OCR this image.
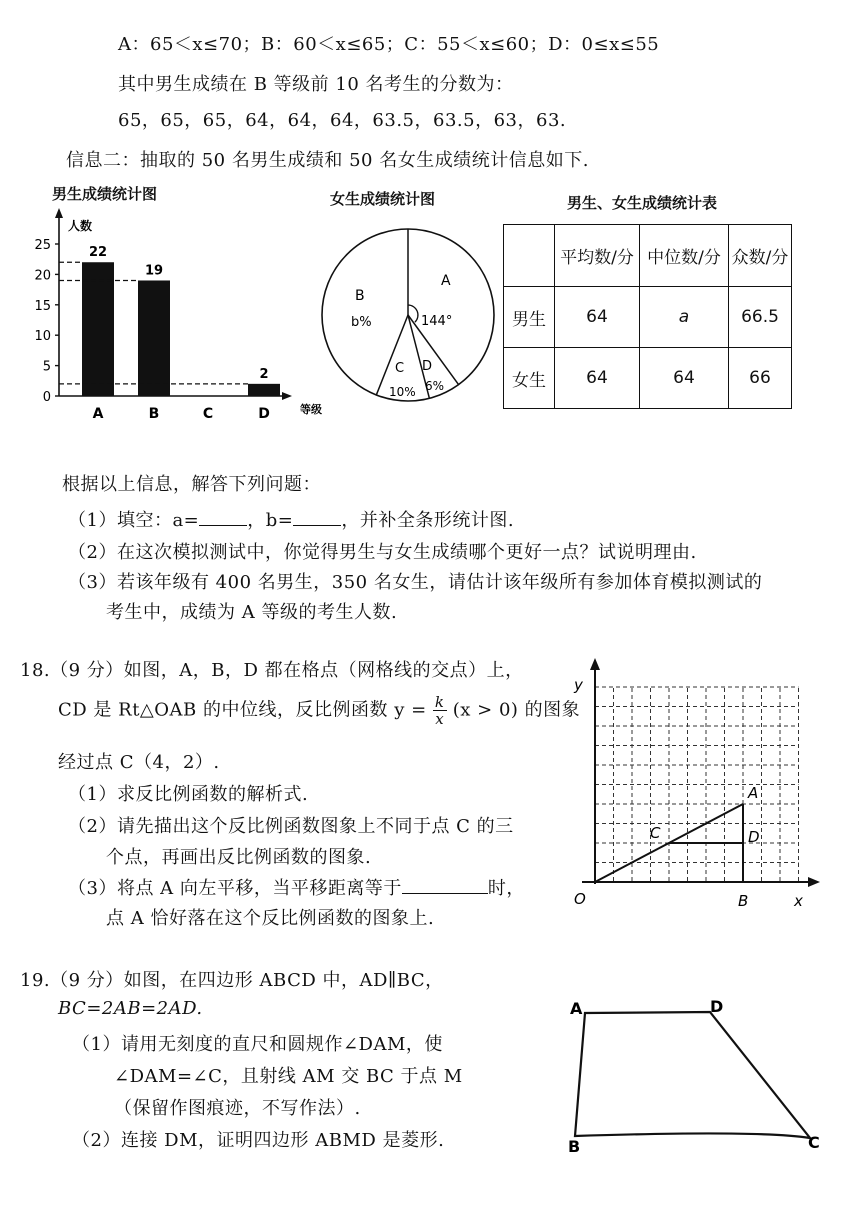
A：65＜x≤70；B：60＜x≤65；C：55＜x≤60；D：0≤x≤55
其中男生成绩在 B 等级前 10 名考生的分数为：
65，65，65，64，64，64，63.5，63.5，63，63.
信息二：抽取的 50 名男生成绩和 50 名女生成绩统计信息如下.
男生成绩统计图
人数
等级
0
5
10
15
20
25
A
22
B
19
C	D
2
女生成绩统计图
A
144°
B
b%
C
10%
D
6%
男生、女生成绩统计表
	平均数/分	中位数/分	众数/分
男生	64	a	66.5
女生	64	64	66
根据以上信息，解答下列问题：
（1）填空：a=	，b=	，并补全条形统计图.
（2）在这次模拟测试中，你觉得男生与女生成绩哪个更好一点？试说明理由.
（3）若该年级有 400 名男生，350 名女生，请估计该年级所有参加体育模拟测试的
考生中，成绩为 A 等级的考生人数.
18.（9 分）如图，A，B，D 都在格点（网格线的交点）上，
CD 是 Rt△OAB 的中位线，反比例函数 $y = \frac{k}{x} (x > 0)$ 的图象
经过点 C（4，2）.
（1）求反比例函数的解析式.
（2）请先描出这个反比例函数图象上不同于点 C 的三
个点，再画出反比例函数的图象.
（3）将点 A 向左平移，当平移距离等于	时，
点 A 恰好落在这个反比例函数的图象上.
y
x
O
A
B
C	D
19.（9 分）如图，在四边形 ABCD 中，AD∥BC，
BC=2AB=2AD.
（1）请用无刻度的直尺和圆规作∠DAM，使
∠DAM=∠C，且射线 AM 交 BC 于点 M
（保留作图痕迹，不写作法）.
（2）连接 DM，证明四边形 ABMD 是菱形.
A	D
B	C
